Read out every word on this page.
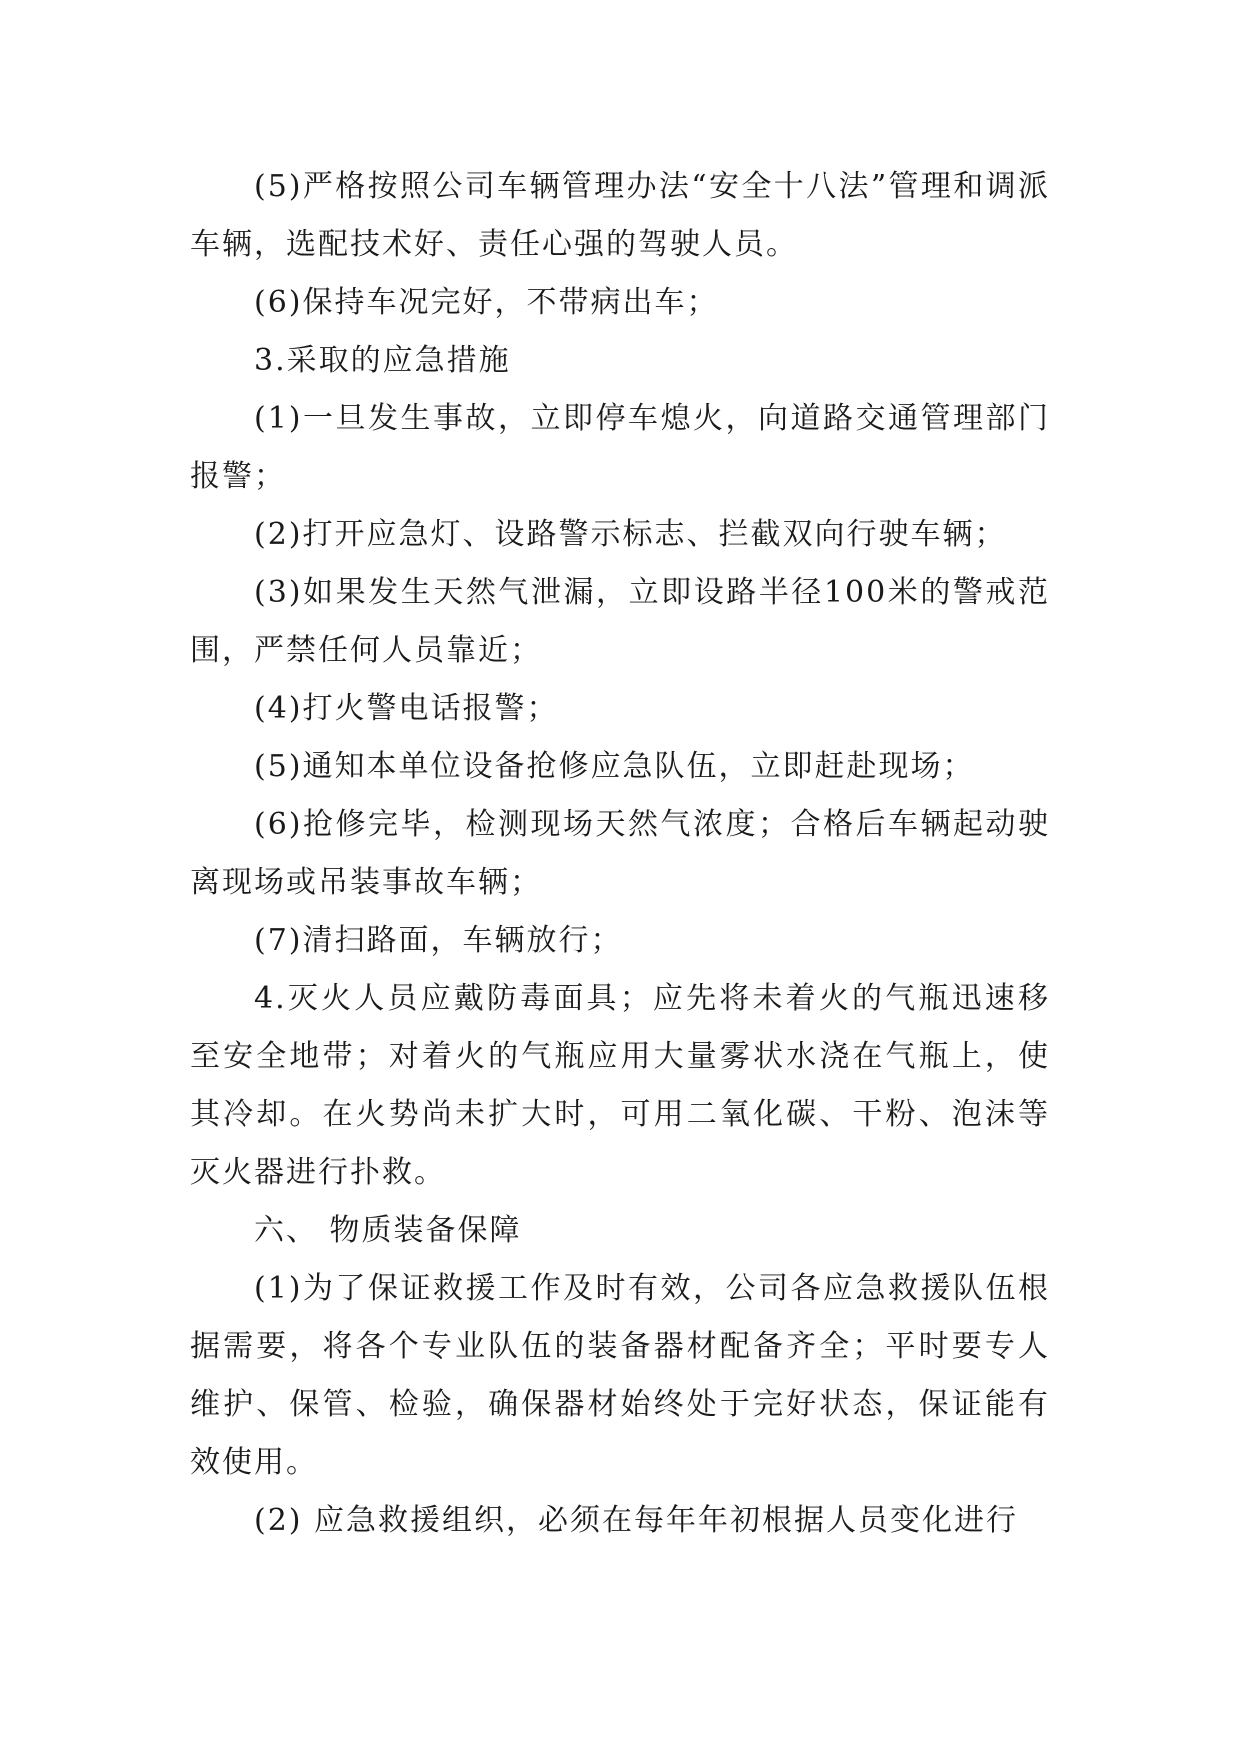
(5)严格按照公司车辆管理办法“安全十八法”管理和调派车辆，选配技术好、责任心强的驾驶人员。

(6)保持车况完好，不带病出车；

3.采取的应急措施

(1)一旦发生事故，立即停车熄火，向道路交通管理部门报警；

(2)打开应急灯、设路警示标志、拦截双向行驶车辆；

(3)如果发生天然气泄漏，立即设路半径100米的警戒范围，严禁任何人员靠近；

(4)打火警电话报警；

(5)通知本单位设备抢修应急队伍，立即赶赴现场；

(6)抢修完毕，检测现场天然气浓度；合格后车辆起动驶离现场或吊装事故车辆；

(7)清扫路面，车辆放行；

4.灭火人员应戴防毒面具；应先将未着火的气瓶迅速移至安全地带；对着火的气瓶应用大量雾状水浇在气瓶上，使其冷却。在火势尚未扩大时，可用二氧化碳、干粉、泡沫等灭火器进行扑救。

六、 物质装备保障

(1)为了保证救援工作及时有效，公司各应急救援队伍根据需要，将各个专业队伍的装备器材配备齐全；平时要专人维护、保管、检验，确保器材始终处于完好状态，保证能有效使用。

(2) 应急救援组织，必须在每年年初根据人员变化进行
